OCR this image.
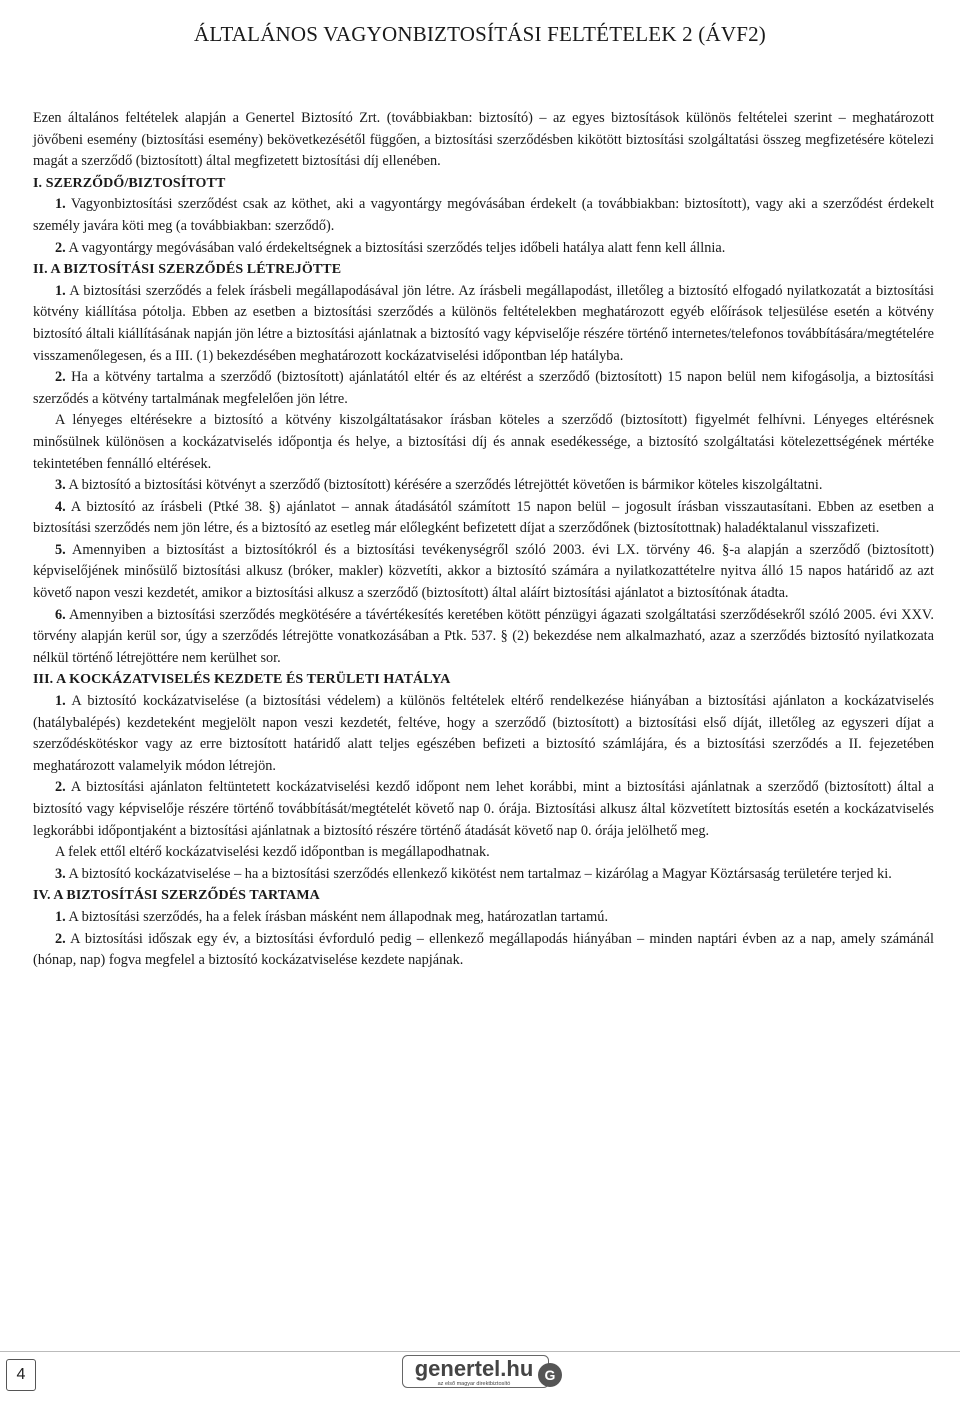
ÁLTALÁNOS VAGYONBIZTOSÍTÁSI FELTÉTELEK 2 (ÁVF2)

Ezen általános feltételek alapján a Genertel Biztosító Zrt. (továbbiakban: biztosító) – az egyes biztosítások különös feltételei szerint – meghatározott jövőbeni esemény (biztosítási esemény) bekövetkezésétől függően, a biztosítási szerződésben kikötött biztosítási szolgáltatási összeg megfizetésére kötelezi magát a szerződő (biztosított) által megfizetett biztosítási díj ellenében.

I. SZERZŐDŐ/BIZTOSÍTOTT

1. Vagyonbiztosítási szerződést csak az köthet, aki a vagyontárgy megóvásában érdekelt (a továbbiakban: biztosított), vagy aki a szerződést érdekelt személy javára köti meg (a továbbiakban: szerződő).

2. A vagyontárgy megóvásában való érdekeltségnek a biztosítási szerződés teljes időbeli hatálya alatt fenn kell állnia.

II. A BIZTOSÍTÁSI SZERZŐDÉS LÉTREJÖTTE

1. A biztosítási szerződés a felek írásbeli megállapodásával jön létre. Az írásbeli megállapodást, illetőleg a biztosító elfogadó nyilatkozatát a biztosítási kötvény kiállítása pótolja. Ebben az esetben a biztosítási szerződés a különös feltételekben meghatározott egyéb előírások teljesülése esetén a kötvény biztosító általi kiállításának napján jön létre a biztosítási ajánlatnak a biztosító vagy képviselője részére történő internetes/telefonos továbbítására/megtételére visszamenőlegesen, és a III. (1) bekezdésében meghatározott kockázatviselési időpontban lép hatályba.

2. Ha a kötvény tartalma a szerződő (biztosított) ajánlatától eltér és az eltérést a szerződő (biztosított) 15 napon belül nem kifogásolja, a biztosítási szerződés a kötvény tartalmának megfelelően jön létre.

A lényeges eltérésekre a biztosító a kötvény kiszolgáltatásakor írásban köteles a szerződő (biztosított) figyelmét felhívni. Lényeges eltérésnek minősülnek különösen a kockázatviselés időpontja és helye, a biztosítási díj és annak esedékessége, a biztosító szolgáltatási kötelezettségének mértéke tekintetében fennálló eltérések.

3. A biztosító a biztosítási kötvényt a szerződő (biztosított) kérésére a szerződés létrejöttét követően is bármikor köteles kiszolgáltatni.

4. A biztosító az írásbeli (Ptké 38. §) ajánlatot – annak átadásától számított 15 napon belül – jogosult írásban visszautasítani. Ebben az esetben a biztosítási szerződés nem jön létre, és a biztosító az esetleg már előlegként befizetett díjat a szerződőnek (biztosítottnak) haladéktalanul visszafizeti.

5. Amennyiben a biztosítást a biztosítókról és a biztosítási tevékenységről szóló 2003. évi LX. törvény 46. §-a alapján a szerződő (biztosított) képviselőjének minősülő biztosítási alkusz (bróker, makler) közvetíti, akkor a biztosító számára a nyilatkozattételre nyitva álló 15 napos határidő az azt követő napon veszi kezdetét, amikor a biztosítási alkusz a szerződő (biztosított) által aláírt biztosítási ajánlatot a biztosítónak átadta.

6. Amennyiben a biztosítási szerződés megkötésére a távértékesítés keretében kötött pénzügyi ágazati szolgáltatási szerződésekről szóló 2005. évi XXV. törvény alapján kerül sor, úgy a szerződés létrejötte vonatkozásában a Ptk. 537. § (2) bekezdése nem alkalmazható, azaz a szerződés biztosító nyilatkozata nélkül történő létrejöttére nem kerülhet sor.

III. A KOCKÁZATVISELÉS KEZDETE ÉS TERÜLETI HATÁLYA

1. A biztosító kockázatviselése (a biztosítási védelem) a különös feltételek eltérő rendelkezése hiányában a biztosítási ajánlaton a kockázatviselés (hatálybalépés) kezdeteként megjelölt napon veszi kezdetét, feltéve, hogy a szerződő (biztosított) a biztosítási első díját, illetőleg az egyszeri díjat a szerződéskötéskor vagy az erre biztosított határidő alatt teljes egészében befizeti a biztosító számlájára, és a biztosítási szerződés a II. fejezetében meghatározott valamelyik módon létrejön.

2. A biztosítási ajánlaton feltüntetett kockázatviselési kezdő időpont nem lehet korábbi, mint a biztosítási ajánlatnak a szerződő (biztosított) által a biztosító vagy képviselője részére történő továbbítását/megtételét követő nap 0. órája. Biztosítási alkusz által közvetített biztosítás esetén a kockázatviselés legkorábbi időpontjaként a biztosítási ajánlatnak a biztosító részére történő átadását követő nap 0. órája jelölhető meg.

A felek ettől eltérő kockázatviselési kezdő időpontban is megállapodhatnak.

3. A biztosító kockázatviselése – ha a biztosítási szerződés ellenkező kikötést nem tartalmaz – kizárólag a Magyar Köztársaság területére terjed ki.

IV. A BIZTOSÍTÁSI SZERZŐDÉS TARTAMA

1. A biztosítási szerződés, ha a felek írásban másként nem állapodnak meg, határozatlan tartamú.

2. A biztosítási időszak egy év, a biztosítási évforduló pedig – ellenkező megállapodás hiányában – minden naptári évben az a nap, amely számánál (hónap, nap) fogva megfelel a biztosító kockázatviselése kezdete napjának.

4	genertel.hu
az első magyar direktbiztosító
G
